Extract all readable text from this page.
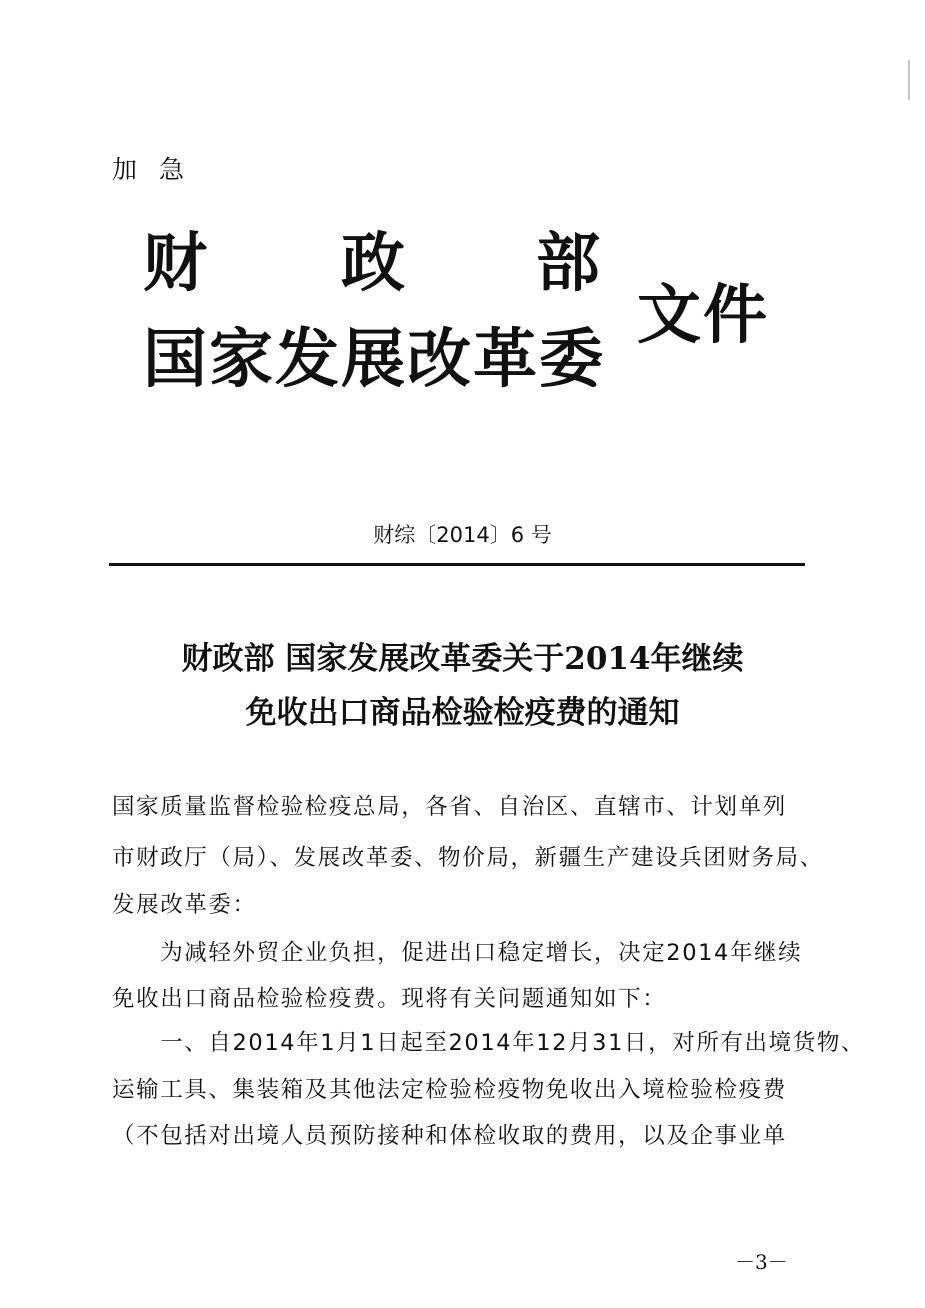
加急
财 政 部
国家发展改革委
文件
财综〔2014〕6 号
财政部 国家发展改革委关于2014年继续
免收出口商品检验检疫费的通知
国家质量监督检验检疫总局，各省、自治区、直辖市、计划单列
市财政厅（局）、发展改革委、物价局，新疆生产建设兵团财务局、
发展改革委：
　　为减轻外贸企业负担，促进出口稳定增长，决定2014年继续
免收出口商品检验检疫费。现将有关问题通知如下：
　　一、自2014年1月1日起至2014年12月31日，对所有出境货物、
运输工具、集装箱及其他法定检验检疫物免收出入境检验检疫费
（不包括对出境人员预防接种和体检收取的费用，以及企事业单
－3－
